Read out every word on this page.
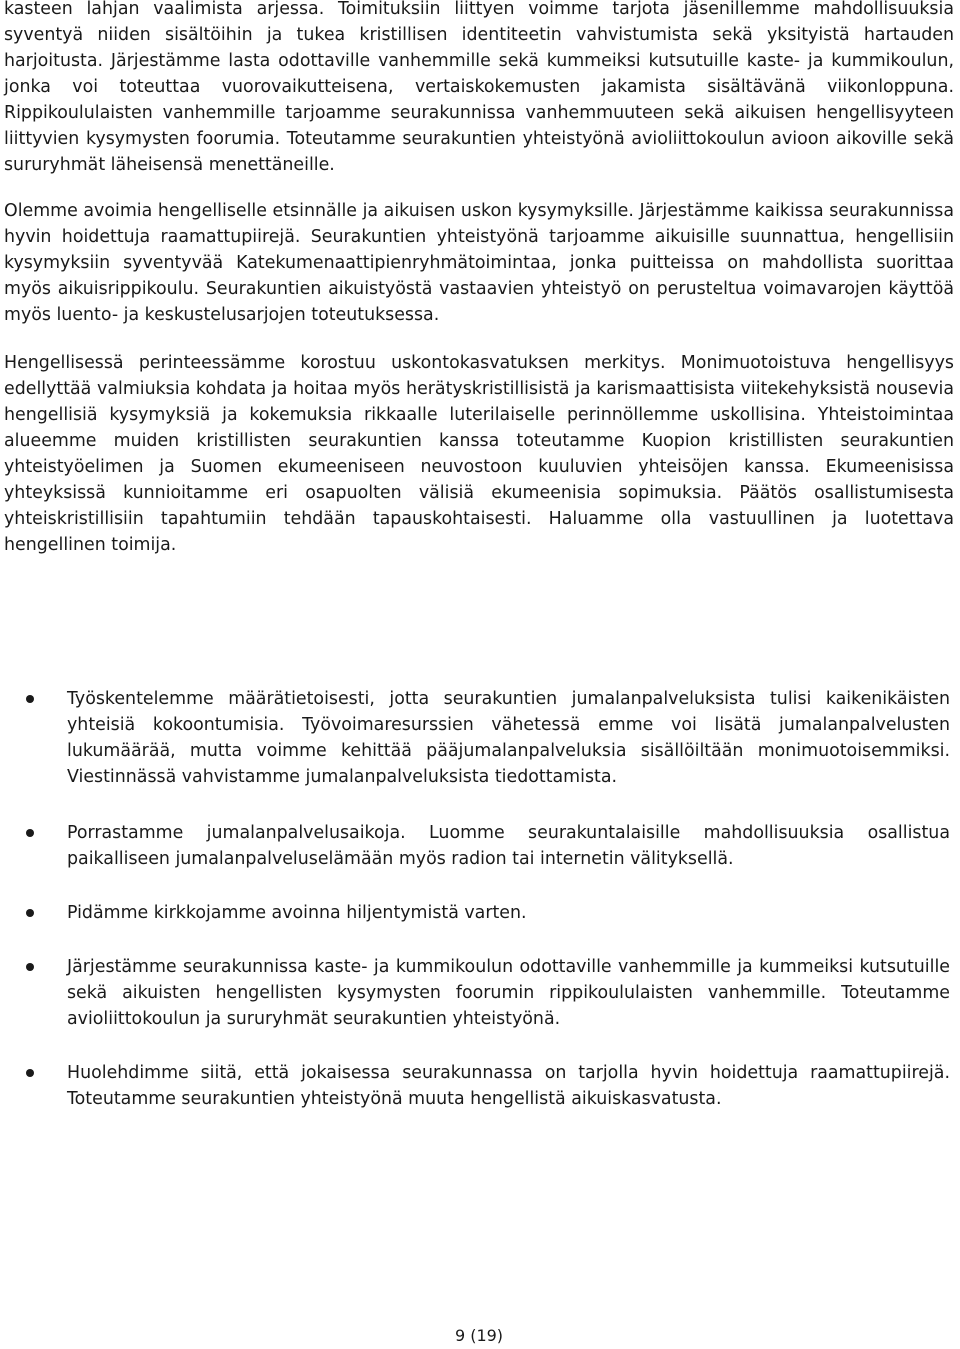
kasteen lahjan vaalimista arjessa. Toimituksiin liittyen voimme tarjota jäsenillemme mahdollisuuksia syventyä niiden sisältöihin ja tukea kristillisen identiteetin vahvistumista sekä yksityistä hartauden harjoitusta. Järjestämme lasta odottaville vanhemmille sekä kummeiksi kutsutuille kaste- ja kummikoulun, jonka voi toteuttaa vuorovaikutteisena, vertaiskokemusten jakamista sisältävänä viikonloppuna. Rippikoululaisten vanhemmille tarjoamme seurakunnissa vanhemmuuteen sekä aikuisen hengellisyyteen liittyvien kysymysten foorumia. Toteutamme seurakuntien yhteistyönä avioliittokoulun avioon aikoville sekä sururyhmät läheisensä menettäneille.

Olemme avoimia hengelliselle etsinnälle ja aikuisen uskon kysymyksille. Järjestämme kaikissa seurakunnissa hyvin hoidettuja raamattupiirejä. Seurakuntien yhteistyönä tarjoamme aikuisille suunnattua, hengellisiin kysymyksiin syventyvää Katekumenaattipienryhmätoimintaa, jonka puitteissa on mahdollista suorittaa myös aikuisrippikoulu. Seurakuntien aikuistyöstä vastaavien yhteistyö on perusteltua voimavarojen käyttöä myös luento- ja keskustelusarjojen toteutuksessa.

Hengellisessä perinteessämme korostuu uskontokasvatuksen merkitys. Monimuotoistuva hengellisyys edellyttää valmiuksia kohdata ja hoitaa myös herätyskristillisistä ja karismaattisista viitekehyksistä nousevia hengellisiä kysymyksiä ja kokemuksia rikkaalle luterilaiselle perinnöllemme uskollisina. Yhteistoimintaa alueemme muiden kristillisten seurakuntien kanssa toteutamme Kuopion kristillisten seurakuntien yhteistyöelimen ja Suomen ekumeeniseen neuvostoon kuuluvien yhteisöjen kanssa. Ekumeenisissa yhteyksissä kunnioitamme eri osapuolten välisiä ekumeenisia sopimuksia. Päätös osallistumisesta yhteiskristillisiin tapahtumiin tehdään tapauskohtaisesti. Haluamme olla vastuullinen ja luotettava hengellinen toimija.

Työskentelemme määrätietoisesti, jotta seurakuntien jumalanpalveluksista tulisi kaikenikäisten yhteisiä kokoontumisia. Työvoimaresurssien vähetessä emme voi lisätä jumalanpalvelusten lukumäärää, mutta voimme kehittää pääjumalanpalveluksia sisällöiltään monimuotoisemmiksi. Viestinnässä vahvistamme jumalanpalveluksista tiedottamista.
Porrastamme jumalanpalvelusaikoja. Luomme seurakuntalaisille mahdollisuuksia osallistua paikalliseen jumalanpalveluselämään myös radion tai internetin välityksellä.
Pidämme kirkkojamme avoinna hiljentymistä varten.
Järjestämme seurakunnissa kaste- ja kummikoulun odottaville vanhemmille ja kummeiksi kutsutuille sekä aikuisten hengellisten kysymysten foorumin rippikoululaisten vanhemmille. Toteutamme avioliittokoulun ja sururyhmät seurakuntien yhteistyönä.
Huolehdimme siitä, että jokaisessa seurakunnassa on tarjolla hyvin hoidettuja raamattupiirejä. Toteutamme seurakuntien yhteistyönä muuta hengellistä aikuiskasvatusta.
9 (19)
